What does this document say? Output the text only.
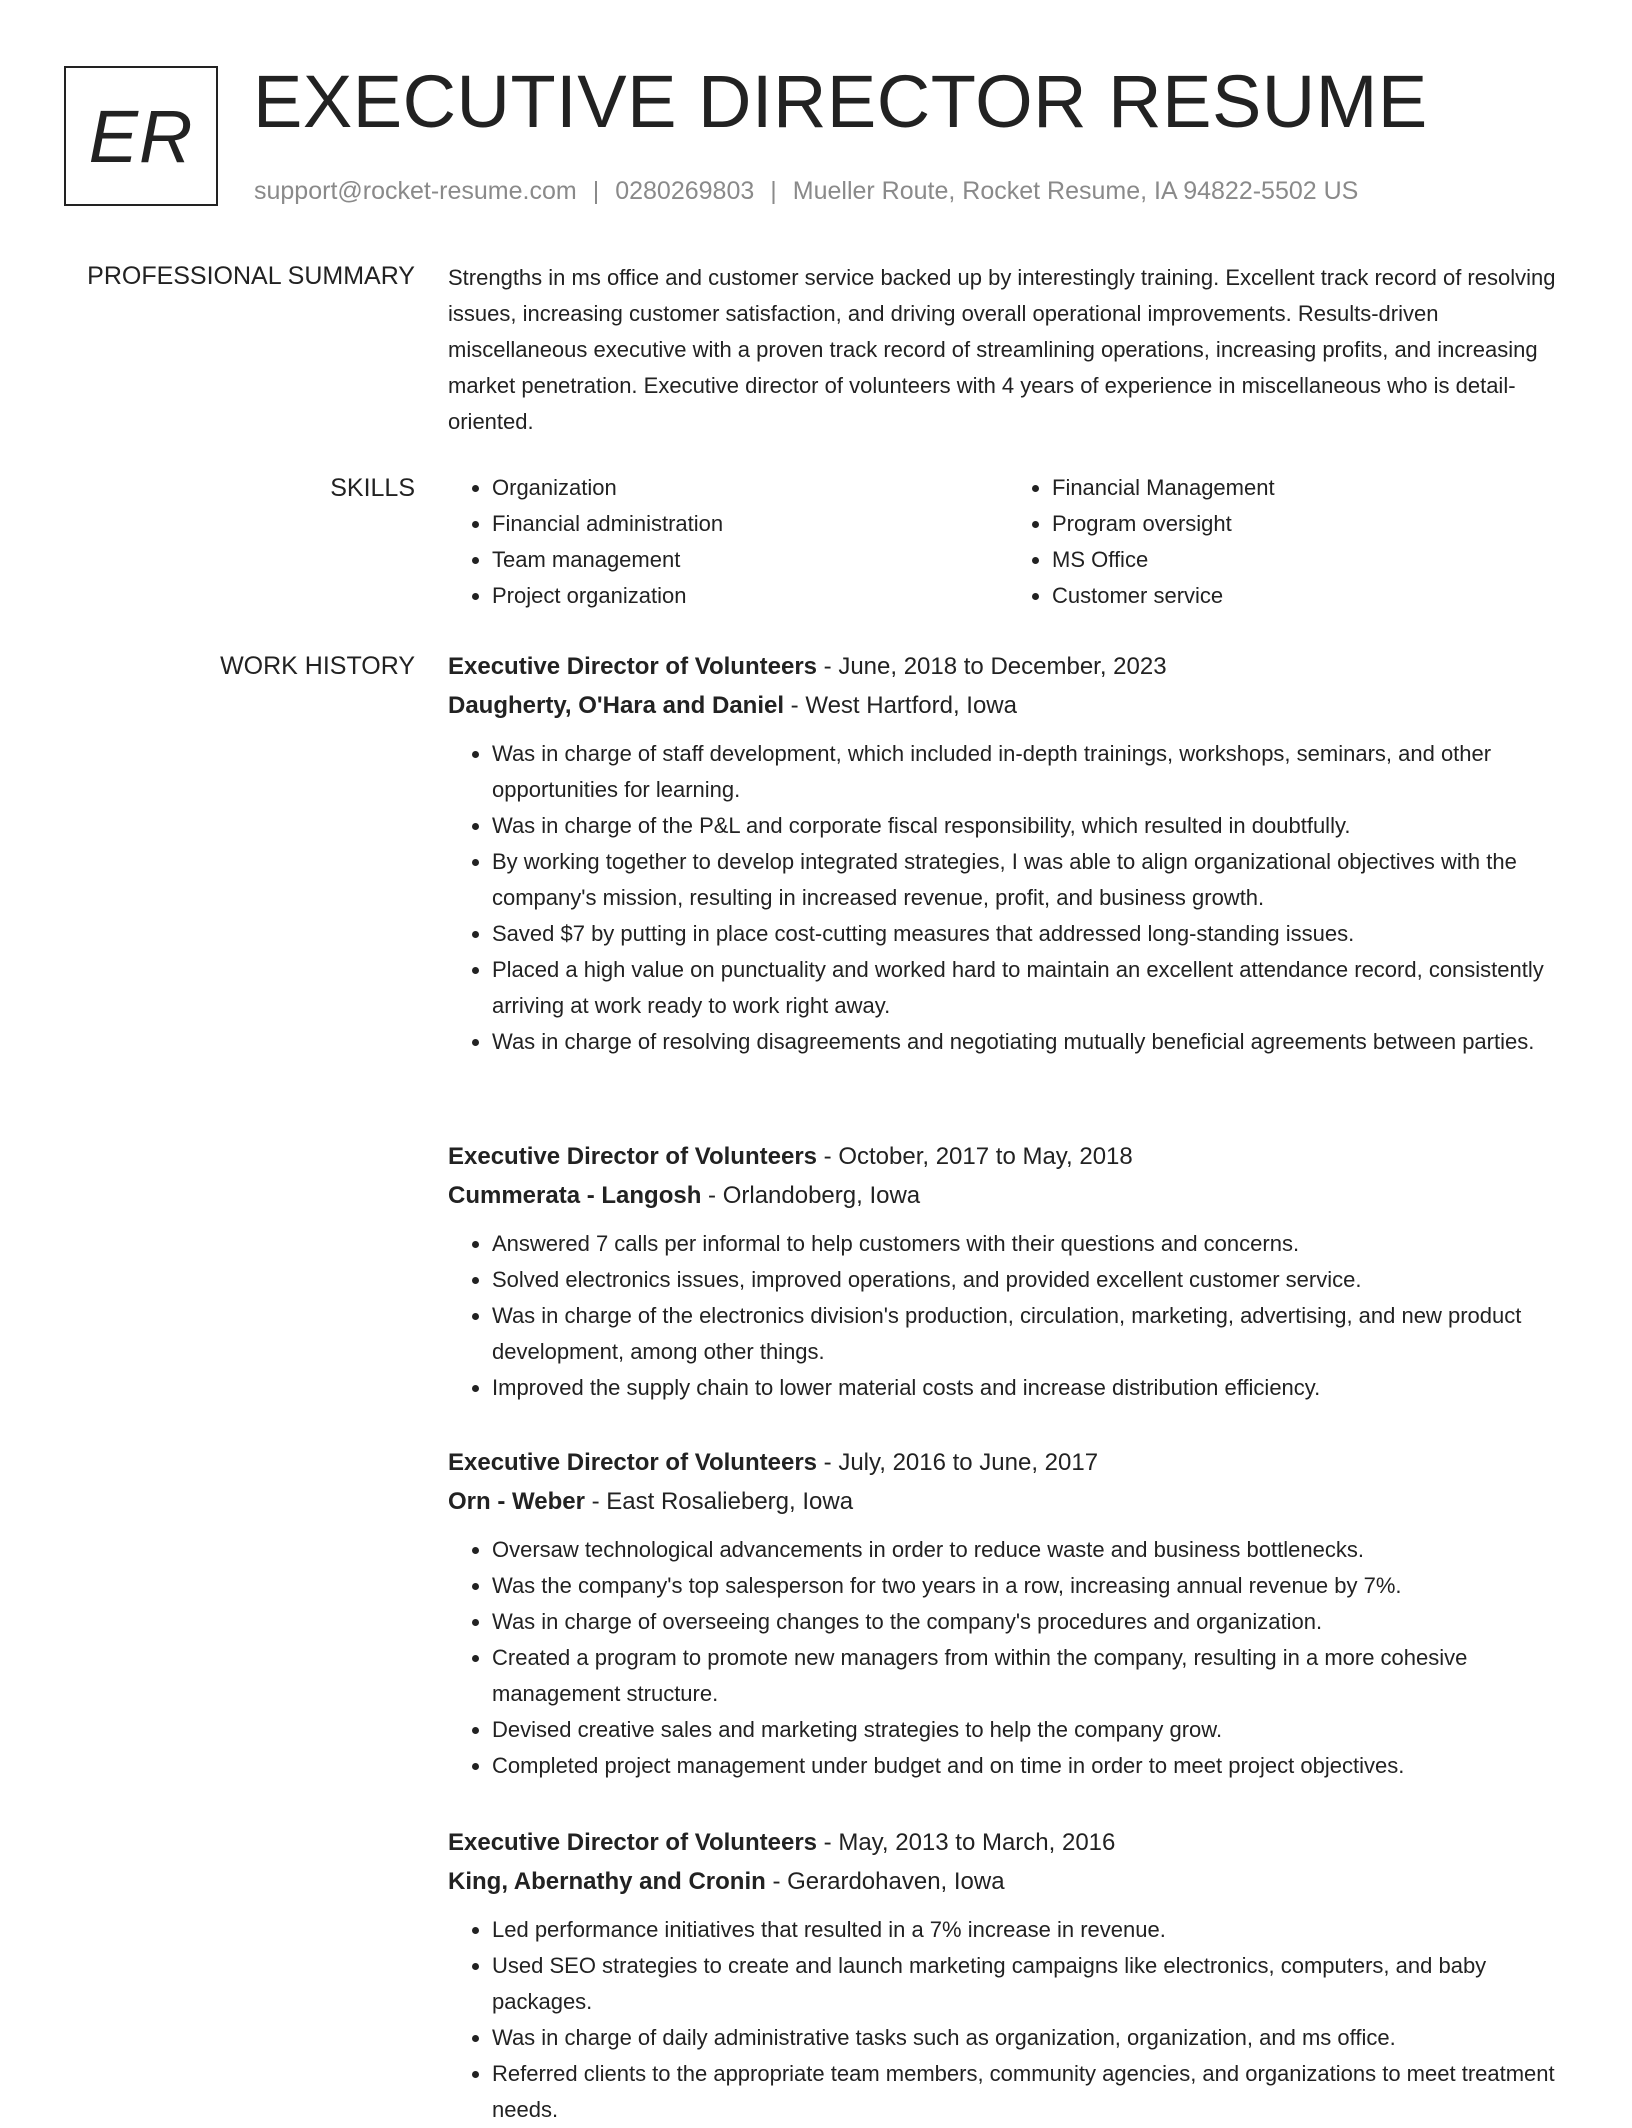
ER EXECUTIVE DIRECTOR RESUME
support@rocket-resume.com | 0280269803 | Mueller Route, Rocket Resume, IA 94822-5502 US
PROFESSIONAL SUMMARY Strengths in ms office and customer service backed up by interestingly training. Excellent track record of resolving issues, increasing customer satisfaction, and driving overall operational improvements. Results-driven miscellaneous executive with a proven track record of streamlining operations, increasing profits, and increasing market penetration. Executive director of volunteers with 4 years of experience in miscellaneous who is detail-oriented.

SKILLS
•	Organization
• Financial administration
• Team management
• Project organization
• Financial Management
• Program oversight
• MS Office
• Customer service
WORK HISTORY Executive Director of Volunteers - June, 2018 to December, 2023
Daugherty, O'Hara and Daniel - West Hartford, Iowa
• Was in charge of staff development, which included in-depth trainings, workshops, seminars, and other opportunities for learning.
• Was in charge of the P&L and corporate fiscal responsibility, which resulted in doubtfully.
• By working together to develop integrated strategies, I was able to align organizational objectives with the company's mission, resulting in increased revenue, profit, and business growth.
• Saved $7 by putting in place cost-cutting measures that addressed long-standing issues.
• Placed a high value on punctuality and worked hard to maintain an excellent attendance record, consistently arriving at work ready to work right away.
• Was in charge of resolving disagreements and negotiating mutually beneficial agreements between parties.
Executive Director of Volunteers - October, 2017 to May, 2018
Cummerata - Langosh - Orlandoberg, Iowa
• Answered 7 calls per informal to help customers with their questions and concerns.
• Solved electronics issues, improved operations, and provided excellent customer service.
• Was in charge of the electronics division's production, circulation, marketing, advertising, and new product development, among other things.
• Improved the supply chain to lower material costs and increase distribution efficiency.
Executive Director of Volunteers - July, 2016 to June, 2017
Orn - Weber - East Rosalieberg, Iowa
• Oversaw technological advancements in order to reduce waste and business bottlenecks.
• Was the company's top salesperson for two years in a row, increasing annual revenue by 7%.
• Was in charge of overseeing changes to the company's procedures and organization.
• Created a program to promote new managers from within the company, resulting in a more cohesive management structure.
• Devised creative sales and marketing strategies to help the company grow.
• Completed project management under budget and on time in order to meet project objectives.
Executive Director of Volunteers - May, 2013 to March, 2016
King, Abernathy and Cronin - Gerardohaven, Iowa
• Led performance initiatives that resulted in a 7% increase in revenue.
• Used SEO strategies to create and launch marketing campaigns like electronics, computers, and baby packages.
• Was in charge of daily administrative tasks such as organization, organization, and ms office.
• Referred clients to the appropriate team members, community agencies, and organizations to meet treatment needs.
